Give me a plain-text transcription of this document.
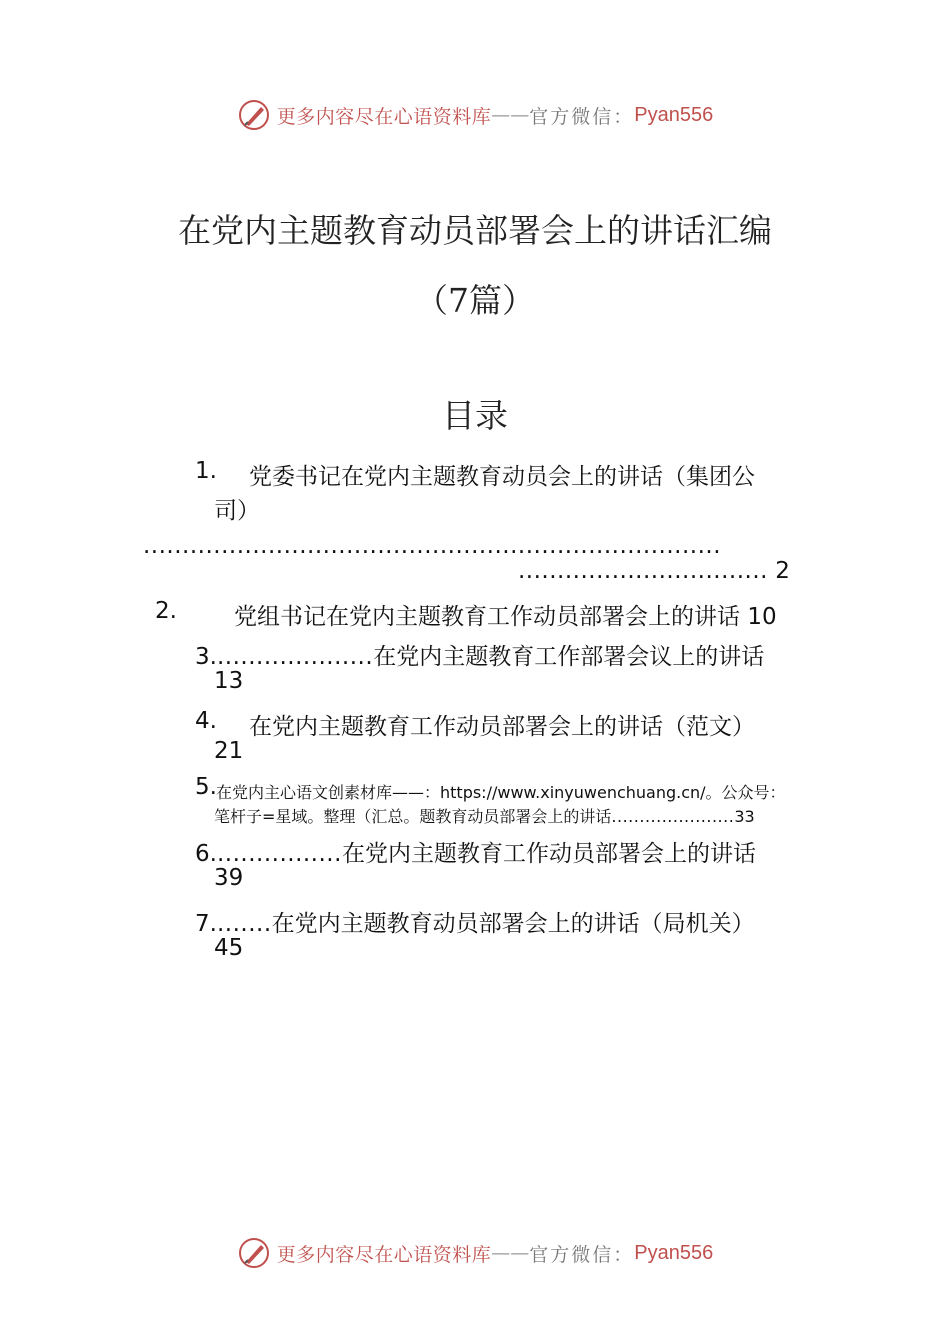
更多内容尽在心语资料库 —— 官方微信： Pyan556
在党内主题教育动员部署会上的讲话汇编
（7篇）
目录
1. 党委书记在党内主题教育动员会上的讲话（集团公
司）
..........................................................................
................................ 2
2. 党组书记在党内主题教育工作动员部署会上的讲话 10
3.....................在党内主题教育工作部署会议上的讲话
13
4. 在党内主题教育工作动员部署会上的讲话（范文）
21
5. 在党内主心语文创素材库——：https://www.xinyuwenchuang.cn/。公众号：
笔杆子=星域。整理（汇总。题教育动员部署会上的讲话......................33
6.................在党内主题教育工作动员部署会上的讲话
39
7........在党内主题教育动员部署会上的讲话（局机关）
45
更多内容尽在心语资料库 —— 官方微信： Pyan556
